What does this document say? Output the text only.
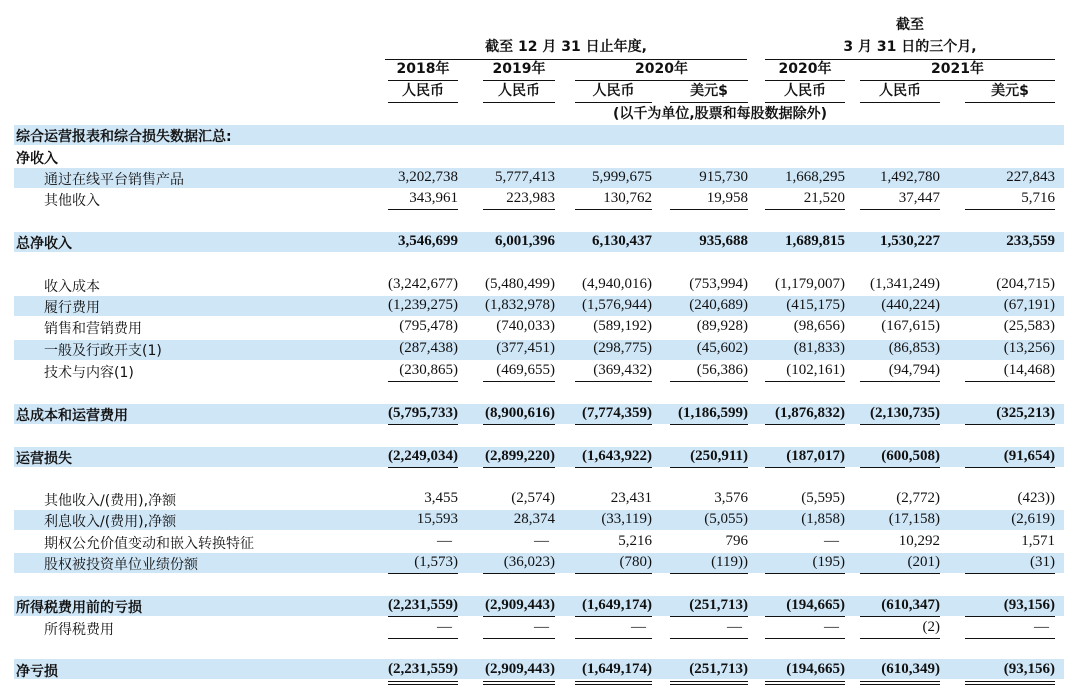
截至
截至 12 月 31 日止年度,	3 月 31 日的三个月,
2018年	2019年	2020年	2020年	2021年
人民币	人民币	人民币	美元$	人民币	人民币	美元$
(以千为单位,股票和每股数据除外)
综合运营报表和综合损失数据汇总:
净收入
通过在线平台销售产品	3,202,738	5,777,413	5,999,675	915,730	1,668,295	1,492,780	227,843
其他收入	343,961	223,983	130,762	19,958	21,520	37,447	5,716
总净收入	3,546,699	6,001,396	6,130,437	935,688	1,689,815	1,530,227	233,559
收入成本	(3,242,677) (5,480,499)	(4,940,016)	(753,994)	(1,179,007)	(1,341,249)	(204,715)
履行费用	(1,239,275) (1,832,978)	(1,576,944)	(240,689)	(415,175)	(440,224)	(67,191)
销售和营销费用	(795,478)	(740,033)	(589,192)	(89,928)	(98,656)	(167,615)	(25,583)
一般及行政开支(1)	(287,438)	(377,451)	(298,775)	(45,602)	(81,833)	(86,853)	(13,256)
技术与内容(1)	(230,865)	(469,655)	(369,432)	(56,386)	(102,161)	(94,794)	(14,468)
总成本和运营费用	(5,795,733) (8,900,616)	(7,774,359)	(1,186,599)	(1,876,832)	(2,130,735)	(325,213)
运营损失	(2,249,034) (2,899,220)	(1,643,922)	(250,911)	(187,017)	(600,508)	(91,654)
其他收入/(费用),净额	3,455	(2,574)	23,431	3,576	(5,595)	(2,772)	(423))
利息收入/(费用),净额	15,593	28,374	(33,119)	(5,055)	(1,858)	(17,158)	(2,619)
期权公允价值变动和嵌入转换特征	—	—	5,216	796	—	10,292	1,571
股权被投资单位业绩份额	(1,573)	(36,023)	(780)	(119))	(195)	(201)	(31)
所得税费用前的亏损	(2,231,559) (2,909,443)	(1,649,174)	(251,713)	(194,665)	(610,347)	(93,156)
所得税费用	—	—	—	—	—	(2)	—
净亏损	(2,231,559) (2,909,443)	(1,649,174)	(251,713)	(194,665)	(610,349)	(93,156)
